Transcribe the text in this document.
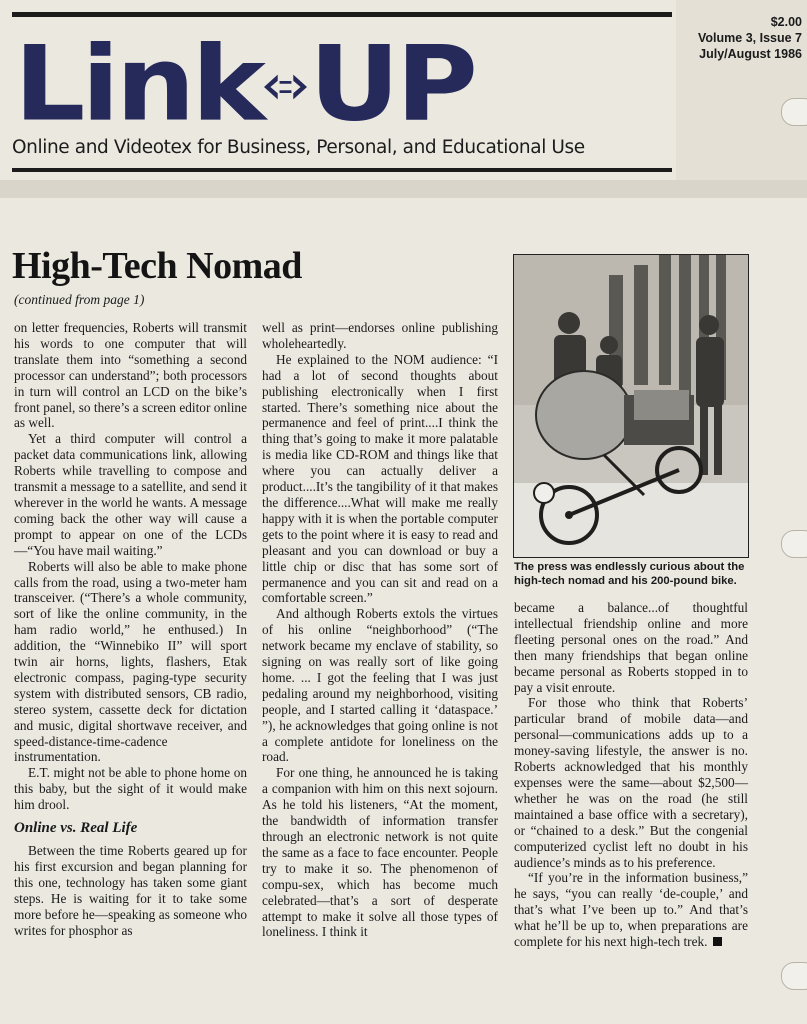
Link UP
Online and Videotex for Business, Personal, and Educational Use
$2.00
Volume 3, Issue 7
July/August 1986
High-Tech Nomad
(continued from page 1)

on letter frequencies, Roberts will transmit his words to one computer that will translate them into “something a second processor can understand”; both processors in turn will control an LCD on the bike’s front panel, so there’s a screen editor online as well.

Yet a third computer will control a packet data communications link, allowing Roberts while travelling to compose and transmit a message to a satellite, and send it wherever in the world he wants. A message coming back the other way will cause a prompt to appear on one of the LCDs—“You have mail waiting.”

Roberts will also be able to make phone calls from the road, using a two-meter ham transceiver. (“There’s a whole community, sort of like the online community, in the ham radio world,” he enthused.) In addition, the “Winnebiko II” will sport twin air horns, lights, flashers, Etak electronic compass, paging-type security system with distributed sensors, CB radio, stereo system, cassette deck for dictation and music, digital shortwave receiver, and speed-distance-time-cadence instrumentation.

E.T. might not be able to phone home on this baby, but the sight of it would make him drool.

Online vs. Real Life

Between the time Roberts geared up for his first excursion and began planning for this one, technology has taken some giant steps. He is waiting for it to take some more before he—speaking as someone who writes for phosphor as

well as print—endorses online publishing wholeheartedly.

He explained to the NOM audience: “I had a lot of second thoughts about publishing electronically when I first started. There’s something nice about the permanence and feel of print....I think the thing that’s going to make it more palatable is media like CD-ROM and things like that where you can actually deliver a product....It’s the tangibility of it that makes the difference....What will make me really happy with it is when the portable computer gets to the point where it is easy to read and pleasant and you can download or buy a little chip or disc that has some sort of permanence and you can sit and read on a comfortable screen.”

And although Roberts extols the virtues of his online “neighborhood” (“The network became my enclave of stability, so signing on was really sort of like going home. ... I got the feeling that I was just pedaling around my neighborhood, visiting people, and I started calling it ‘dataspace.’ ”), he acknowledges that going online is not a complete antidote for loneliness on the road.

For one thing, he announced he is taking a companion with him on this next sojourn. As he told his listeners, “At the moment, the bandwidth of information transfer through an electronic network is not quite the same as a face to face encounter. People try to make it so. The phenomenon of compu-sex, which has become much celebrated—that’s a sort of desperate attempt to make it solve all those types of loneliness. I think it

The press was endlessly curious about the high-tech nomad and his 200-pound bike.

became a balance...of thoughtful intellectual friendship online and more fleeting personal ones on the road.” And then many friendships that began online became personal as Roberts stopped in to pay a visit enroute.

For those who think that Roberts’ particular brand of mobile data—and personal—communications adds up to a money-saving lifestyle, the answer is no. Roberts acknowledged that his monthly expenses were the same—about $2,500—whether he was on the road (he still maintained a base office with a secretary), or “chained to a desk.” But the congenial computerized cyclist left no doubt in his audience’s minds as to his preference.

“If you’re in the information business,” he says, “you can really ‘de-couple,’ and that’s what I’ve been up to.” And that’s what he’ll be up to, when preparations are complete for his next high-tech trek.
